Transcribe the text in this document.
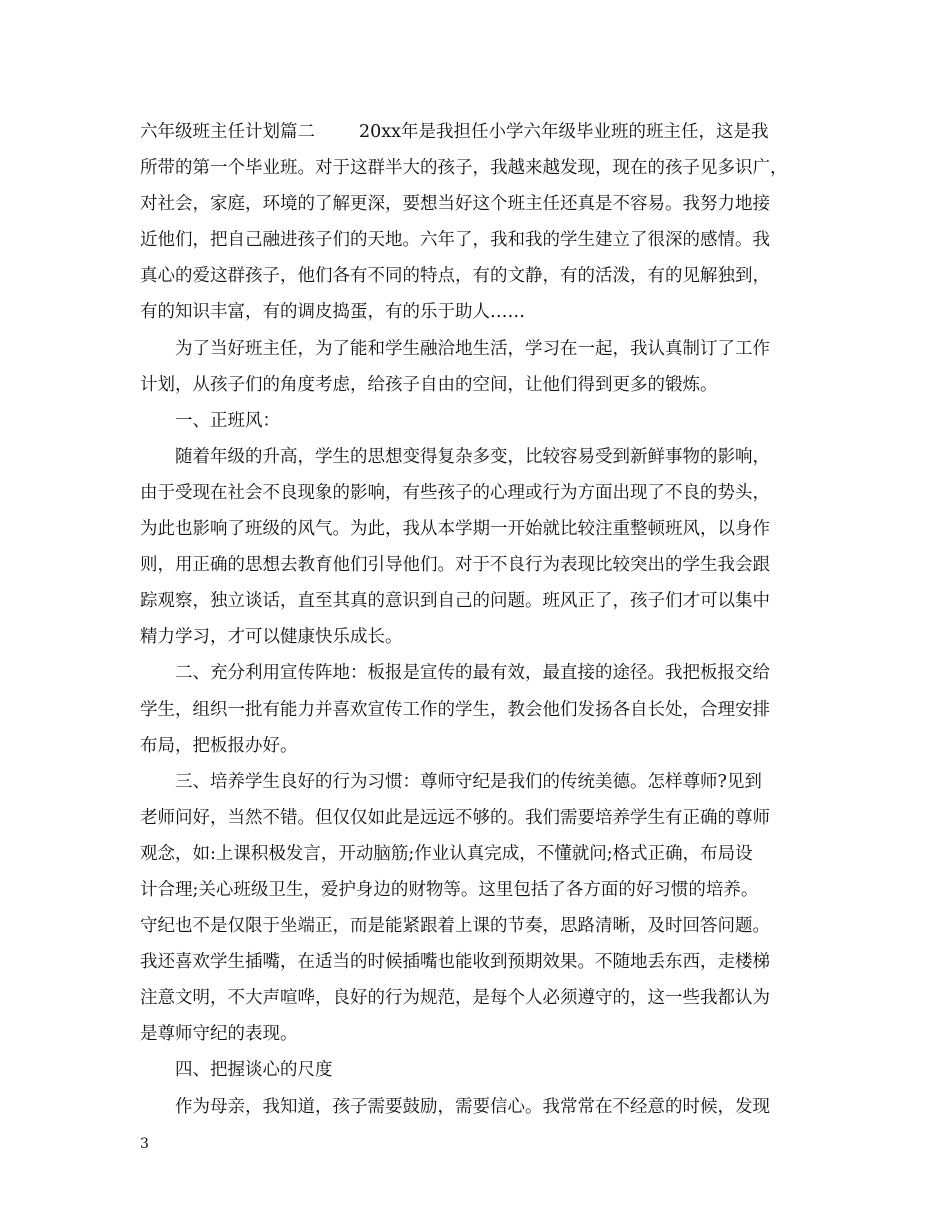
六年级班主任计划篇二	20xx年是我担任小学六年级毕业班的班主任，这是我
所带的第一个毕业班。对于这群半大的孩子，我越来越发现，现在的孩子见多识广，
对社会，家庭，环境的了解更深，要想当好这个班主任还真是不容易。我努力地接
近他们，把自己融进孩子们的天地。六年了，我和我的学生建立了很深的感情。我
真心的爱这群孩子，他们各有不同的特点，有的文静，有的活泼，有的见解独到，
有的知识丰富，有的调皮捣蛋，有的乐于助人……
为了当好班主任，为了能和学生融洽地生活，学习在一起，我认真制订了工作
计划，从孩子们的角度考虑，给孩子自由的空间，让他们得到更多的锻炼。
一、正班风：
随着年级的升高，学生的思想变得复杂多变，比较容易受到新鲜事物的影响，
由于受现在社会不良现象的影响，有些孩子的心理或行为方面出现了不良的势头，
为此也影响了班级的风气。为此，我从本学期一开始就比较注重整顿班风，以身作
则，用正确的思想去教育他们引导他们。对于不良行为表现比较突出的学生我会跟
踪观察，独立谈话，直至其真的意识到自己的问题。班风正了，孩子们才可以集中
精力学习，才可以健康快乐成长。
二、充分利用宣传阵地：板报是宣传的最有效，最直接的途径。我把板报交给
学生，组织一批有能力并喜欢宣传工作的学生，教会他们发扬各自长处，合理安排
布局，把板报办好。
三、培养学生良好的行为习惯：尊师守纪是我们的传统美德。怎样尊师?见到
老师问好，当然不错。但仅仅如此是远远不够的。我们需要培养学生有正确的尊师
观念，如:上课积极发言，开动脑筋;作业认真完成，不懂就问;格式正确，布局设
计合理;关心班级卫生，爱护身边的财物等。这里包括了各方面的好习惯的培养。
守纪也不是仅限于坐端正，而是能紧跟着上课的节奏，思路清晰，及时回答问题。
我还喜欢学生插嘴，在适当的时候插嘴也能收到预期效果。不随地丢东西，走楼梯
注意文明，不大声喧哗，良好的行为规范，是每个人必须遵守的，这一些我都认为
是尊师守纪的表现。
四、把握谈心的尺度
作为母亲，我知道，孩子需要鼓励，需要信心。我常常在不经意的时候，发现
3
